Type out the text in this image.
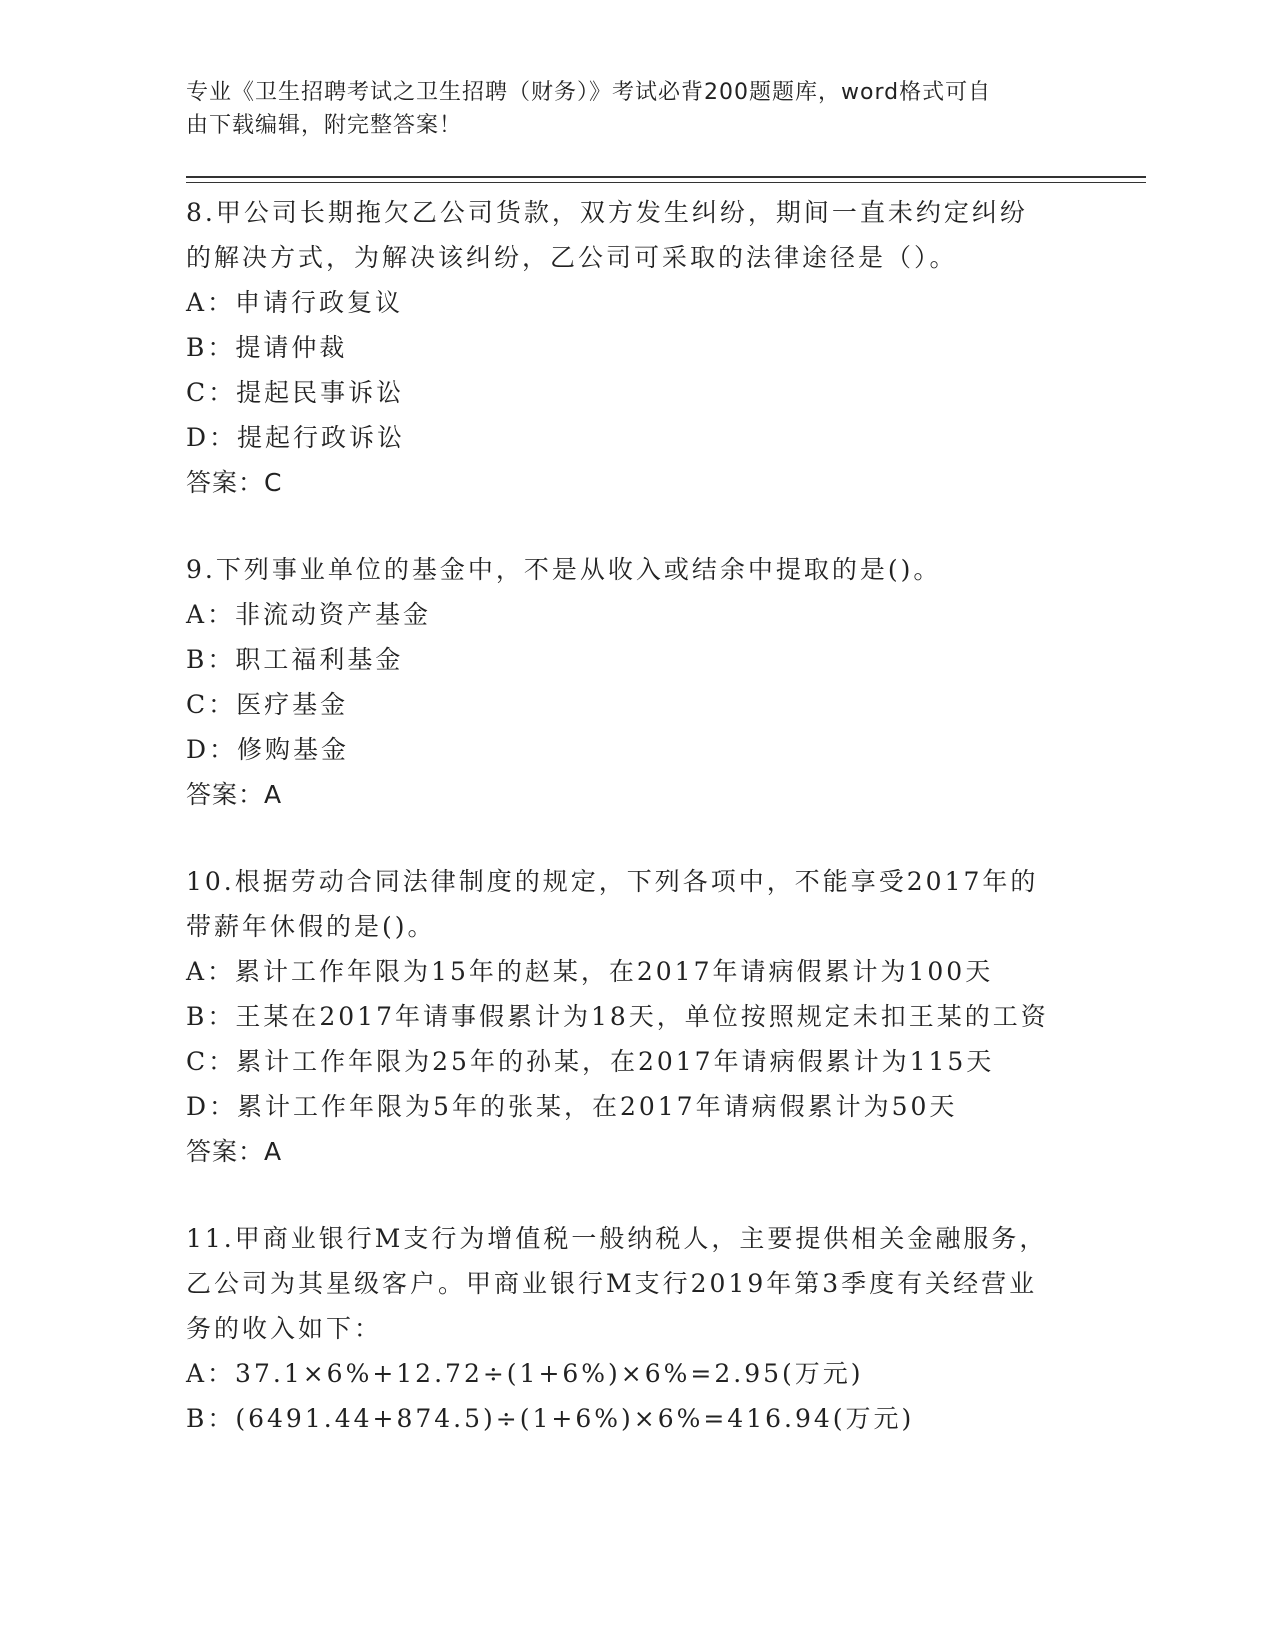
专业《卫生招聘考试之卫生招聘（财务）》考试必背200题题库，word格式可自
由下载编辑，附完整答案！
8.甲公司长期拖欠乙公司货款，双方发生纠纷，期间一直未约定纠纷
的解决方式，为解决该纠纷，乙公司可采取的法律途径是（）。
A：申请行政复议
B：提请仲裁
C：提起民事诉讼
D：提起行政诉讼
答案：C
9.下列事业单位的基金中，不是从收入或结余中提取的是()。
A：非流动资产基金
B：职工福利基金
C：医疗基金
D：修购基金
答案：A
10.根据劳动合同法律制度的规定，下列各项中，不能享受2017年的
带薪年休假的是()。
A：累计工作年限为15年的赵某，在2017年请病假累计为100天
B：王某在2017年请事假累计为18天，单位按照规定未扣王某的工资
C：累计工作年限为25年的孙某，在2017年请病假累计为115天
D：累计工作年限为5年的张某，在2017年请病假累计为50天
答案：A
11.甲商业银行M支行为增值税一般纳税人，主要提供相关金融服务，
乙公司为其星级客户。甲商业银行M支行2019年第3季度有关经营业
务的收入如下：
A：37.1×6%+12.72÷(1+6%)×6%=2.95(万元)
B：(6491.44+874.5)÷(1+6%)×6%=416.94(万元)
